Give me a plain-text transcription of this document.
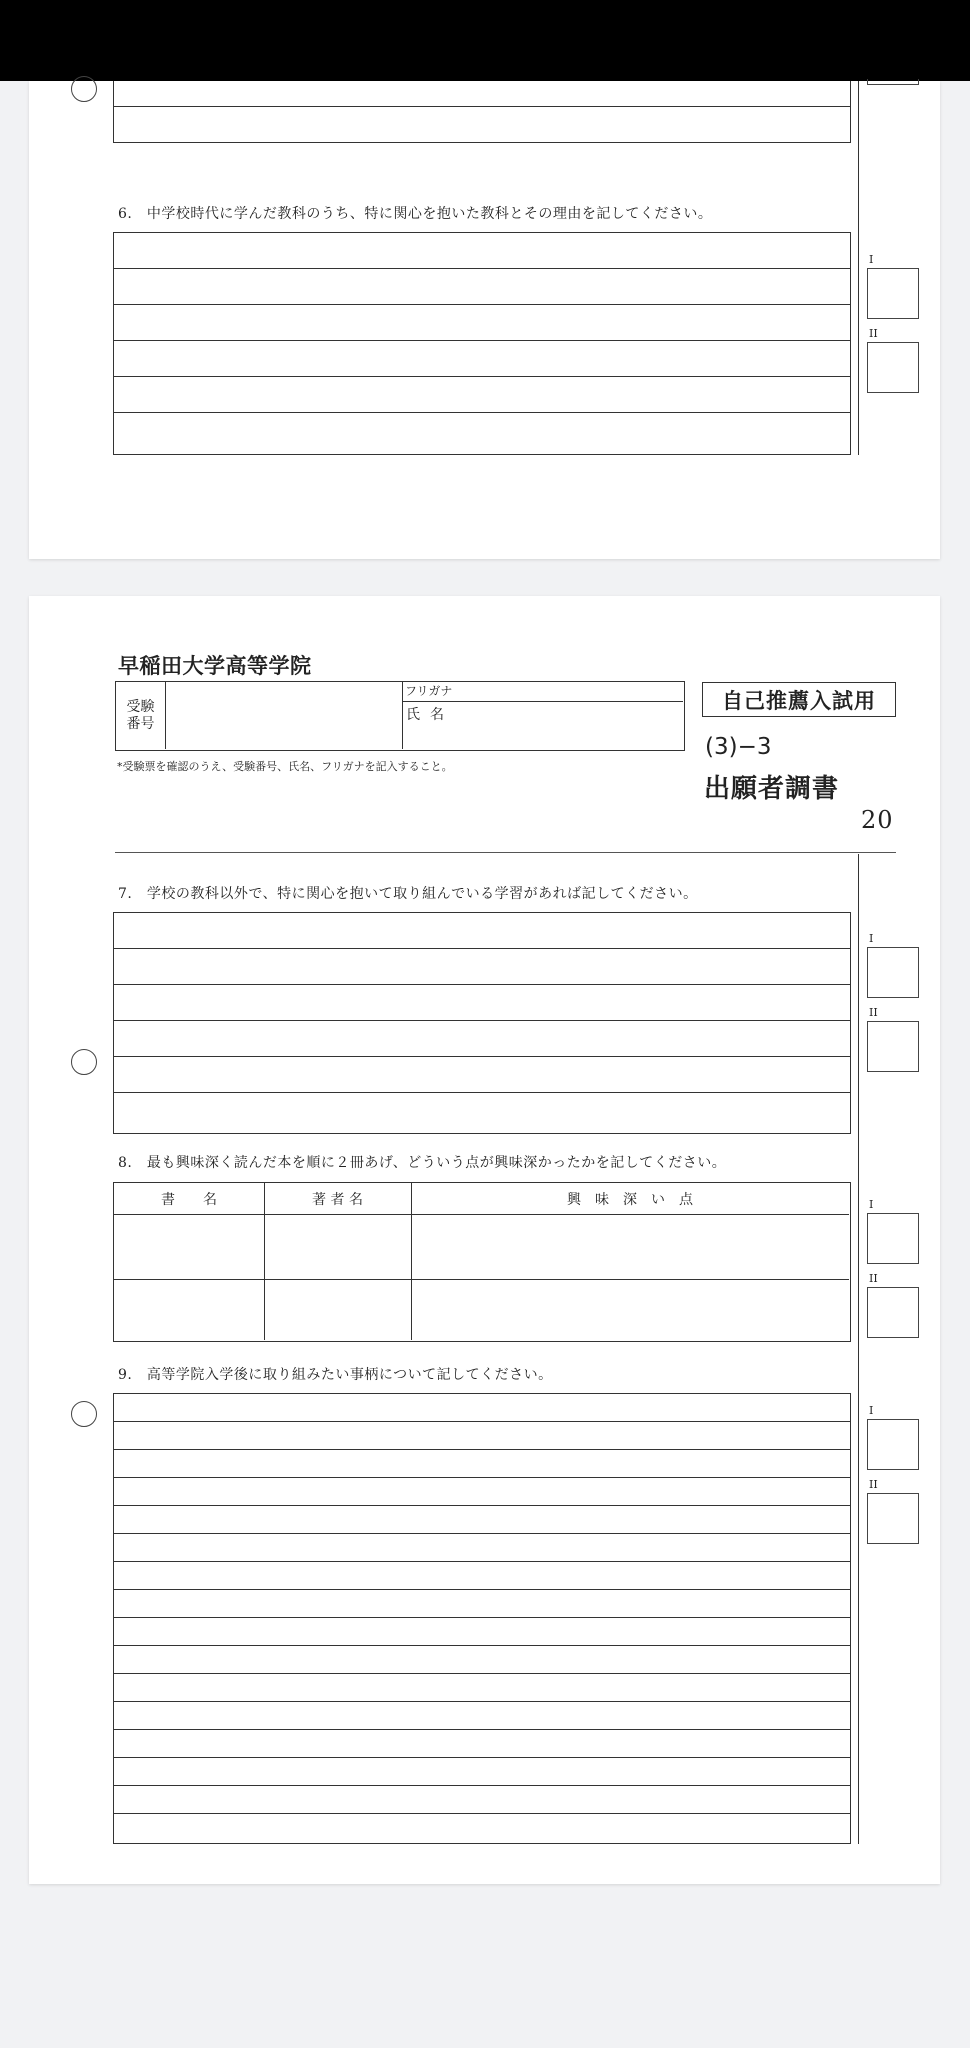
6.　中学校時代に学んだ教科のうち、特に関心を抱いた教科とその理由を記してください。
I
II
早稲田大学高等学院
受験
番号
フリガナ
氏名
*受験票を確認のうえ、受験番号、氏名、フリガナを記入すること。
自己推薦入試用
(3)−3
出願者調書
20
7.　学校の教科以外で、特に関心を抱いて取り組んでいる学習があれば記してください。
I
II
8.　最も興味深く読んだ本を順に２冊あげ、どういう点が興味深かったかを記してください。
書　　名	著 者 名	興　味　深　い　点	I
II
9.　高等学院入学後に取り組みたい事柄について記してください。
I
II
